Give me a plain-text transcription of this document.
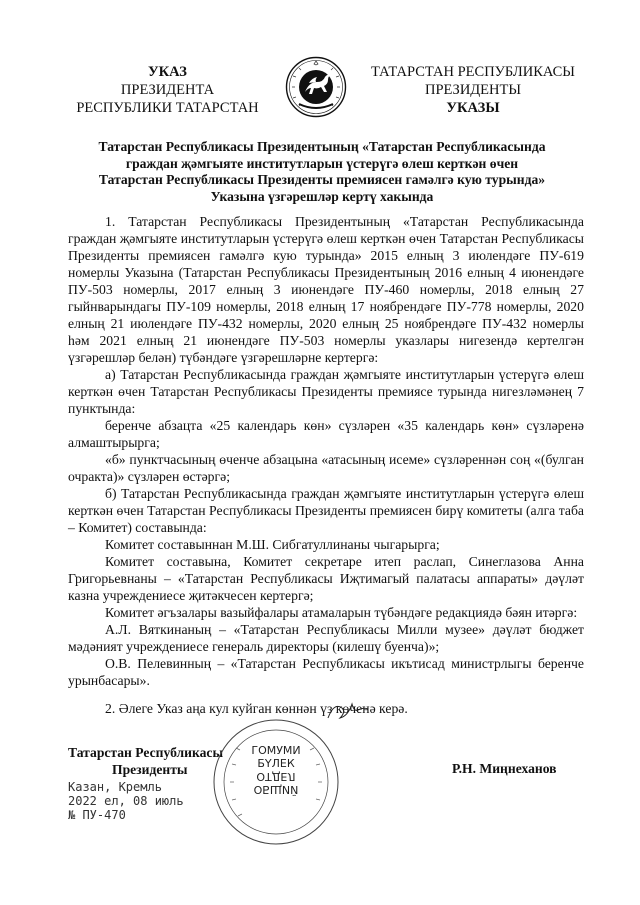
УКАЗ
ПРЕЗИДЕНТА
РЕСПУБЛИКИ ТАТАРСТАН
ТАТАРСТАН РЕСПУБЛИКАСЫ
ПРЕЗИДЕНТЫ
УКАЗЫ
Татарстан Республикасы Президентының «Татарстан Республикасында
граждан җәмгыяте институтларын үстерүгә өлеш керткән өчен
Татарстан Республикасы Президенты премиясен гамәлгә кую турында»
Указына үзгәрешләр кертү хакында

1. Татарстан Республикасы Президентының «Татарстан Республикасында граждан җәмгыяте институтларын үстерүгә өлеш керткән өчен Татарстан Республикасы Президенты премиясен гамәлгә кую турында» 2015 елның 3 июлендәге ПУ-619 номерлы Указына (Татарстан Республикасы Президентының 2016 елның 4 июнендәге ПУ-503 номерлы, 2017 елның 3 июнендәге ПУ-460 номерлы, 2018 елның 27 гыйнварындагы ПУ-109 номерлы, 2018 елның 17 ноябрендәге ПУ-778 номерлы, 2020 елның 21 июлендәге ПУ-432 номерлы, 2020 елның 25 ноябрендәге ПУ-432 номерлы һәм 2021 елның 21 июнендәге ПУ-503 номерлы указлары нигезендә кертелгән үзгәрешләр белән) түбәндәге үзгәрешләрне кертергә:

а) Татарстан Республикасында граждан җәмгыяте институтларын үстерүгә өлеш керткән өчен Татарстан Республикасы Президенты премиясе турында нигезләмәнең 7 пунктында:

беренче абзацта «25 календарь көн» сүзләрен «35 календарь көн» сүзләренә алмаштырырга;

«б» пунктчасының өченче абзацына «атасының исеме» сүзләреннән соң «(булган очракта)» сүзләрен өстәргә;

б) Татарстан Республикасында граждан җәмгыяте институтларын үстерүгә өлеш керткән өчен Татарстан Республикасы Президенты премиясен бирү комитеты (алга таба – Комитет) составында:

Комитет составыннан М.Ш. Сибгатуллинаны чыгарырга;

Комитет составына, Комитет секретаре итеп раслап, Синеглазова Анна Григорьевнаны – «Татарстан Республикасы Иҗтимагый палатасы аппараты» дәүләт казна учреждениесе җитәкчесен кертергә;

Комитет әгъзалары вазыйфалары атамаларын түбәндәге редакциядә бәян итәргә:

А.Л. Вяткинаның – «Татарстан Республикасы Милли музее» дәүләт бюджет мәдәният учреждениесе генераль директоры (килешү буенча)»;

О.В. Пелевинның – «Татарстан Республикасы икътисад министрлыгы беренче урынбасары».

2. Әлеге Указ аңа кул куйган көннән үз көченә керә.

Татарстан Республикасы
Президенты	Р.Н. Миңнеханов
Казан, Кремль
2022 ел, 08 июль
№ ПУ-470
ГОМУМИ
БҮЛЕК
ОТДЕЛ
ОБЩИЙ
